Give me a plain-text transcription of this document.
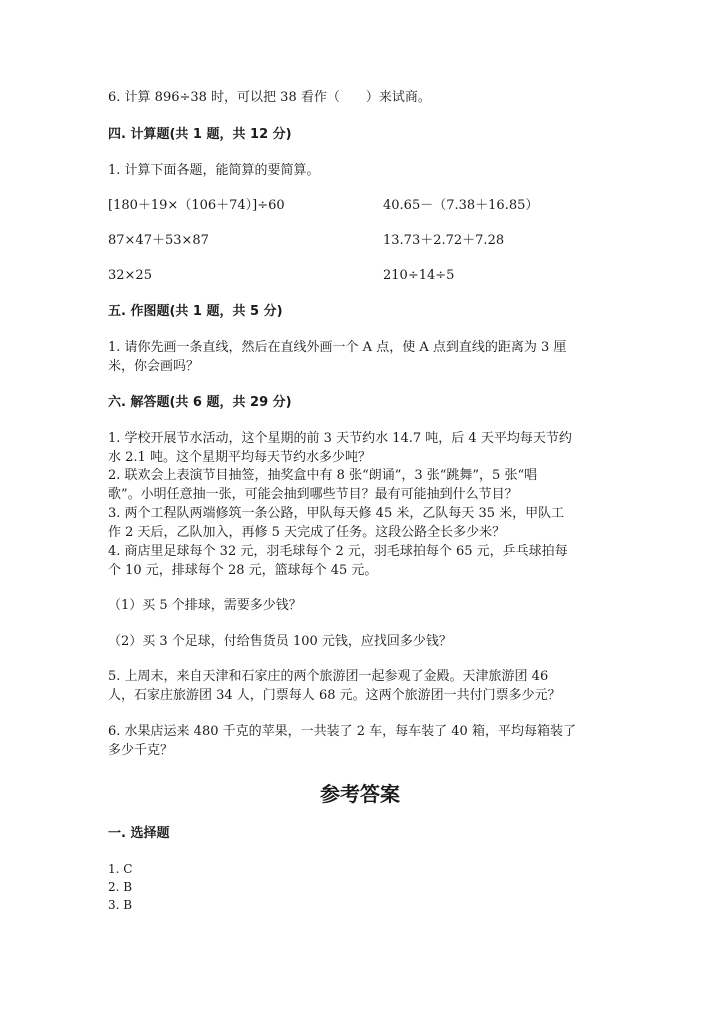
6. 计算 896÷38 时，可以把 38 看作（　　）来试商。
四. 计算题(共 1 题，共 12 分)
1. 计算下面各题，能简算的要简算。
[180＋19×（106＋74）]÷60	40.65－（7.38＋16.85）
87×47＋53×87	13.73＋2.72＋7.28
32×25	210÷14÷5
五. 作图题(共 1 题，共 5 分)
1. 请你先画一条直线，然后在直线外画一个 A 点，使 A 点到直线的距离为 3 厘
米，你会画吗？
六. 解答题(共 6 题，共 29 分)
1. 学校开展节水活动，这个星期的前 3 天节约水 14.7 吨，后 4 天平均每天节约
水 2.1 吨。这个星期平均每天节约水多少吨？
2. 联欢会上表演节目抽签，抽奖盒中有 8 张“朗诵”，3 张“跳舞”，5 张“唱
歌”。小明任意抽一张，可能会抽到哪些节目？最有可能抽到什么节目？
3. 两个工程队两端修筑一条公路，甲队每天修 45 米，乙队每天 35 米，甲队工
作 2 天后，乙队加入，再修 5 天完成了任务。这段公路全长多少米？
4. 商店里足球每个 32 元，羽毛球每个 2 元，羽毛球拍每个 65 元，乒乓球拍每
个 10 元，排球每个 28 元，篮球每个 45 元。
（1）买 5 个排球，需要多少钱？
（2）买 3 个足球，付给售货员 100 元钱，应找回多少钱？
5. 上周末，来自天津和石家庄的两个旅游团一起参观了金殿。天津旅游团 46
人，石家庄旅游团 34 人，门票每人 68 元。这两个旅游团一共付门票多少元？
6. 水果店运来 480 千克的苹果，一共装了 2 车，每车装了 40 箱，平均每箱装了
多少千克？
参考答案
一. 选择题
1. C
2. B
3. B
